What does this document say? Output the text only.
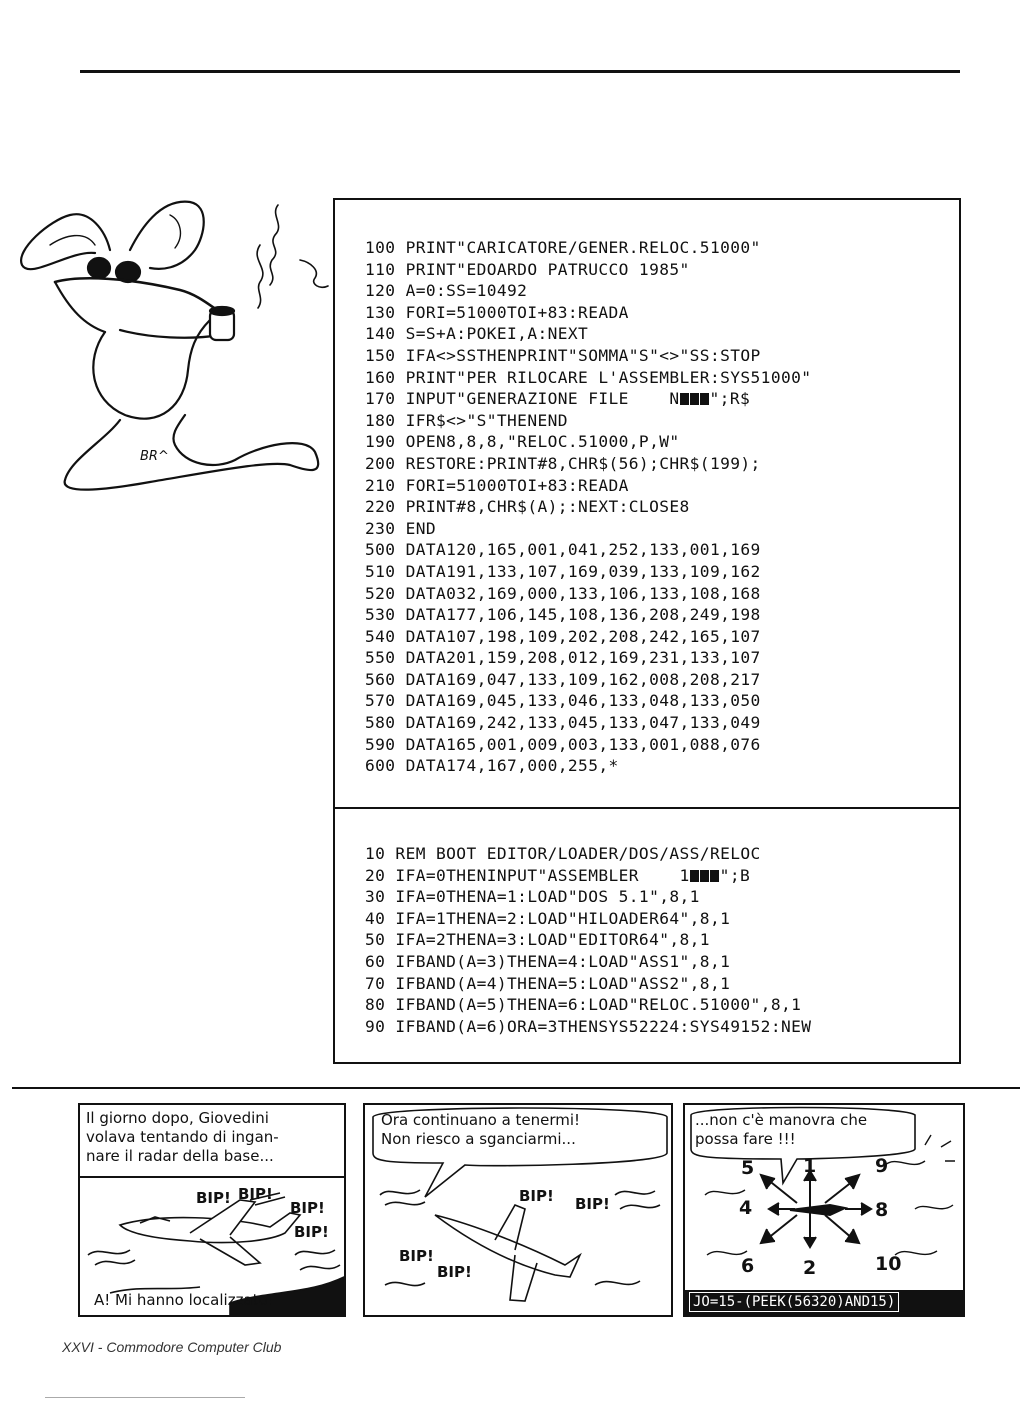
BR^
100 PRINT"CARICATORE/GENER.RELOC.51000"
110 PRINT"EDOARDO PATRUCCO 1985"
120 A=0:SS=10492
130 FORI=51000TOI+83:READA
140 S=S+A:POKEI,A:NEXT
150 IFA<>SSTHENPRINT"SOMMA"S"<>"SS:STOP
160 PRINT"PER RILOCARE L'ASSEMBLER:SYS51000"
170 INPUT"GENERAZIONE FILE    N ";R$
180 IFR$<>"S"THENEND
190 OPEN8,8,8,"RELOC.51000,P,W"
200 RESTORE:PRINT#8,CHR$(56);CHR$(199);
210 FORI=51000TOI+83:READA
220 PRINT#8,CHR$(A);:NEXT:CLOSE8
230 END
500 DATA120,165,001,041,252,133,001,169
510 DATA191,133,107,169,039,133,109,162
520 DATA032,169,000,133,106,133,108,168
530 DATA177,106,145,108,136,208,249,198
540 DATA107,198,109,202,208,242,165,107
550 DATA201,159,208,012,169,231,133,107
560 DATA169,047,133,109,162,008,208,217
570 DATA169,045,133,046,133,048,133,050
580 DATA169,242,133,045,133,047,133,049
590 DATA165,001,009,003,133,001,088,076
600 DATA174,167,000,255,*
10 REM BOOT EDITOR/LOADER/DOS/ASS/RELOC
20 IFA=0THENINPUT"ASSEMBLER    1 ";B
30 IFA=0THENA=1:LOAD"DOS 5.1",8,1
40 IFA=1THENA=2:LOAD"HILOADER64",8,1
50 IFA=2THENA=3:LOAD"EDITOR64",8,1
60 IFBAND(A=3)THENA=4:LOAD"ASS1",8,1
70 IFBAND(A=4)THENA=5:LOAD"ASS2",8,1
80 IFBAND(A=5)THENA=6:LOAD"RELOC.51000",8,1
90 IFBAND(A=6)ORA=3THENSYS52224:SYS49152:NEW
Il giorno dopo, Giovedini
volava tentando di ingan-
nare il radar della base...
BIP! BIP!
BIP!
BIP!
A! Mi hanno localizzato!
Ora continuano a tenermi!
Non riesco a sganciarmi...
BIP! BIP!
BIP!
BIP!
...non c'è manovra che
possa fare !!!
5	1	9
4	8
6	2	10
JO=15-(PEEK(56320)AND15)
XXVI - Commodore Computer Club
